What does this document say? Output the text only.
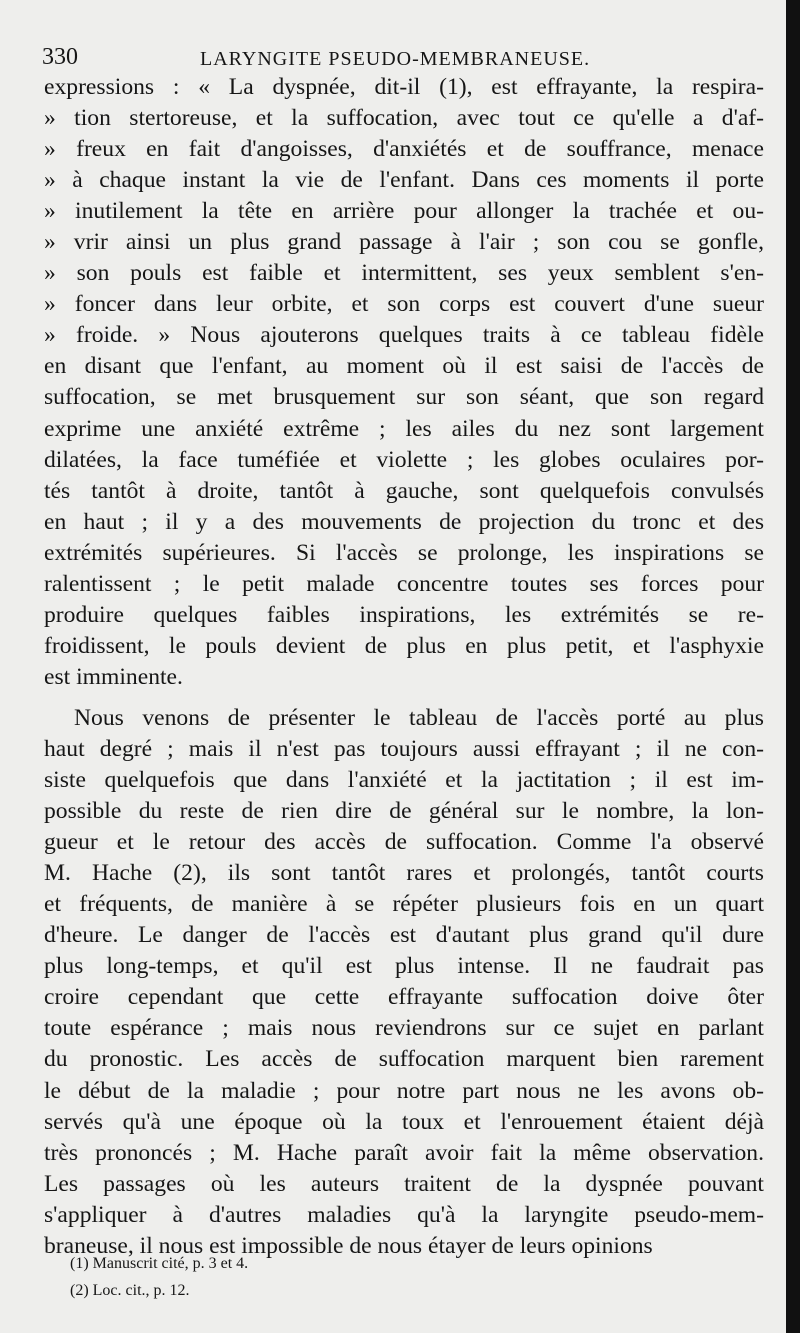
330	LARYNGITE PSEUDO-MEMBRANEUSE.
expressions : « La dyspnée, dit-il (1), est effrayante, la respira-
» tion stertoreuse, et la suffocation, avec tout ce qu'elle a d'af-
» freux en fait d'angoisses, d'anxiétés et de souffrance, menace
» à chaque instant la vie de l'enfant. Dans ces moments il porte
» inutilement la tête en arrière pour allonger la trachée et ou-
» vrir ainsi un plus grand passage à l'air ; son cou se gonfle,
» son pouls est faible et intermittent, ses yeux semblent s'en-
» foncer dans leur orbite, et son corps est couvert d'une sueur
» froide. » Nous ajouterons quelques traits à ce tableau fidèle
en disant que l'enfant, au moment où il est saisi de l'accès de
suffocation, se met brusquement sur son séant, que son regard
exprime une anxiété extrême ; les ailes du nez sont largement
dilatées, la face tuméfiée et violette ; les globes oculaires por-
tés tantôt à droite, tantôt à gauche, sont quelquefois convulsés
en haut ; il y a des mouvements de projection du tronc et des
extrémités supérieures. Si l'accès se prolonge, les inspirations se
ralentissent ; le petit malade concentre toutes ses forces pour
produire quelques faibles inspirations, les extrémités se re-
froidissent, le pouls devient de plus en plus petit, et l'asphyxie
est imminente.
Nous venons de présenter le tableau de l'accès porté au plus
haut degré ; mais il n'est pas toujours aussi effrayant ; il ne con-
siste quelquefois que dans l'anxiété et la jactitation ; il est im-
possible du reste de rien dire de général sur le nombre, la lon-
gueur et le retour des accès de suffocation. Comme l'a observé
M. Hache (2), ils sont tantôt rares et prolongés, tantôt courts
et fréquents, de manière à se répéter plusieurs fois en un quart
d'heure. Le danger de l'accès est d'autant plus grand qu'il dure
plus long-temps, et qu'il est plus intense. Il ne faudrait pas
croire cependant que cette effrayante suffocation doive ôter
toute espérance ; mais nous reviendrons sur ce sujet en parlant
du pronostic. Les accès de suffocation marquent bien rarement
le début de la maladie ; pour notre part nous ne les avons ob-
servés qu'à une époque où la toux et l'enrouement étaient déjà
très prononcés ; M. Hache paraît avoir fait la même observation.
Les passages où les auteurs traitent de la dyspnée pouvant
s'appliquer à d'autres maladies qu'à la laryngite pseudo-mem-
braneuse, il nous est impossible de nous étayer de leurs opinions
(1) Manuscrit cité, p. 3 et 4.
(2) Loc. cit., p. 12.
